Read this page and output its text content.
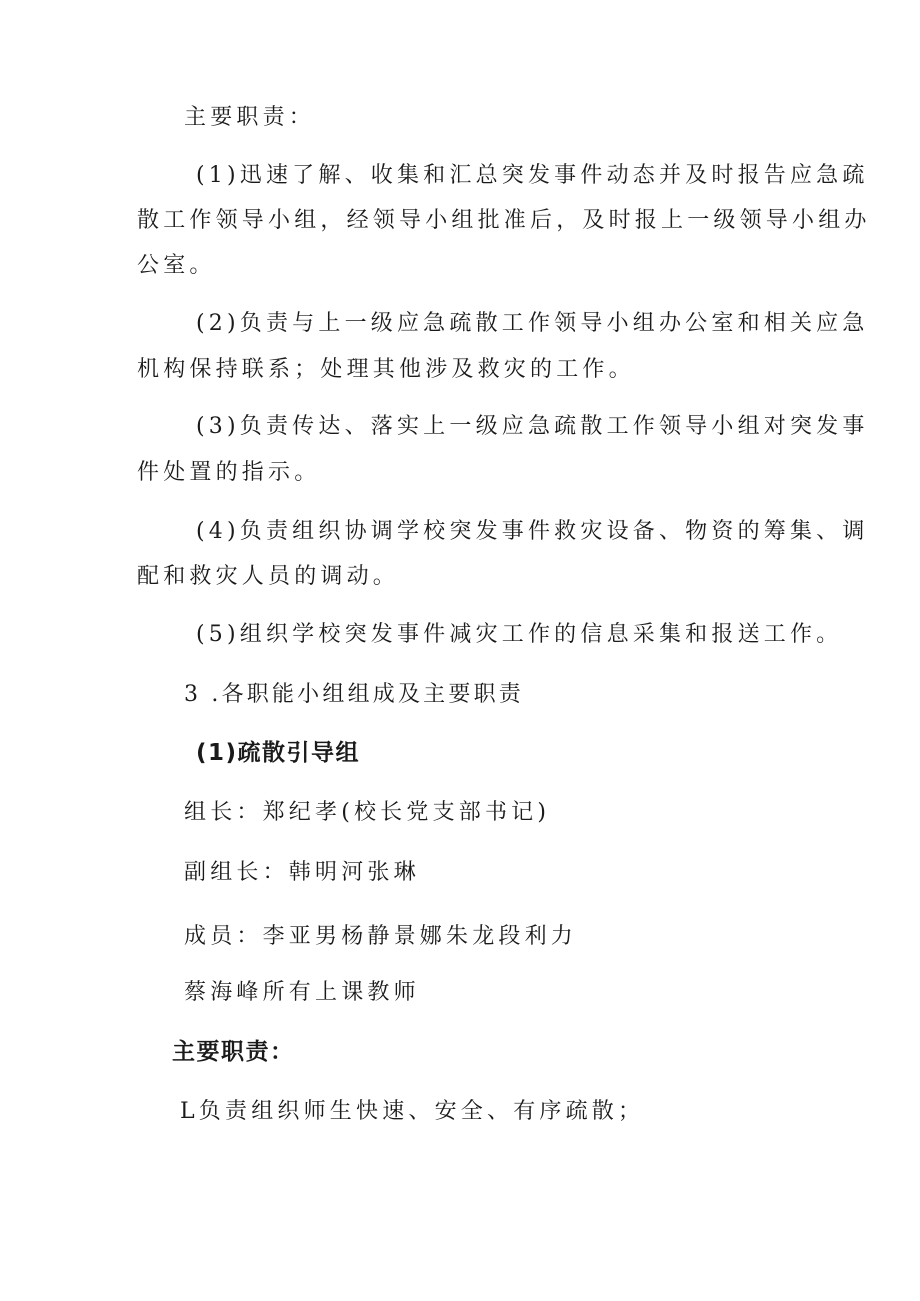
主要职责：
(1)迅速了解、收集和汇总突发事件动态并及时报告应急疏
散工作领导小组，经领导小组批准后，及时报上一级领导小组办
公室。
(2)负责与上一级应急疏散工作领导小组办公室和相关应急
机构保持联系；处理其他涉及救灾的工作。
(3)负责传达、落实上一级应急疏散工作领导小组对突发事
件处置的指示。
(4)负责组织协调学校突发事件救灾设备、物资的筹集、调
配和救灾人员的调动。
(5)组织学校突发事件减灾工作的信息采集和报送工作。
3 .各职能小组组成及主要职责
(1)疏散引导组
组长：郑纪孝(校长党支部书记)
副组长：韩明河张琳
成员：李亚男杨静景娜朱龙段利力
蔡海峰所有上课教师
主要职责：
L负责组织师生快速、安全、有序疏散；
